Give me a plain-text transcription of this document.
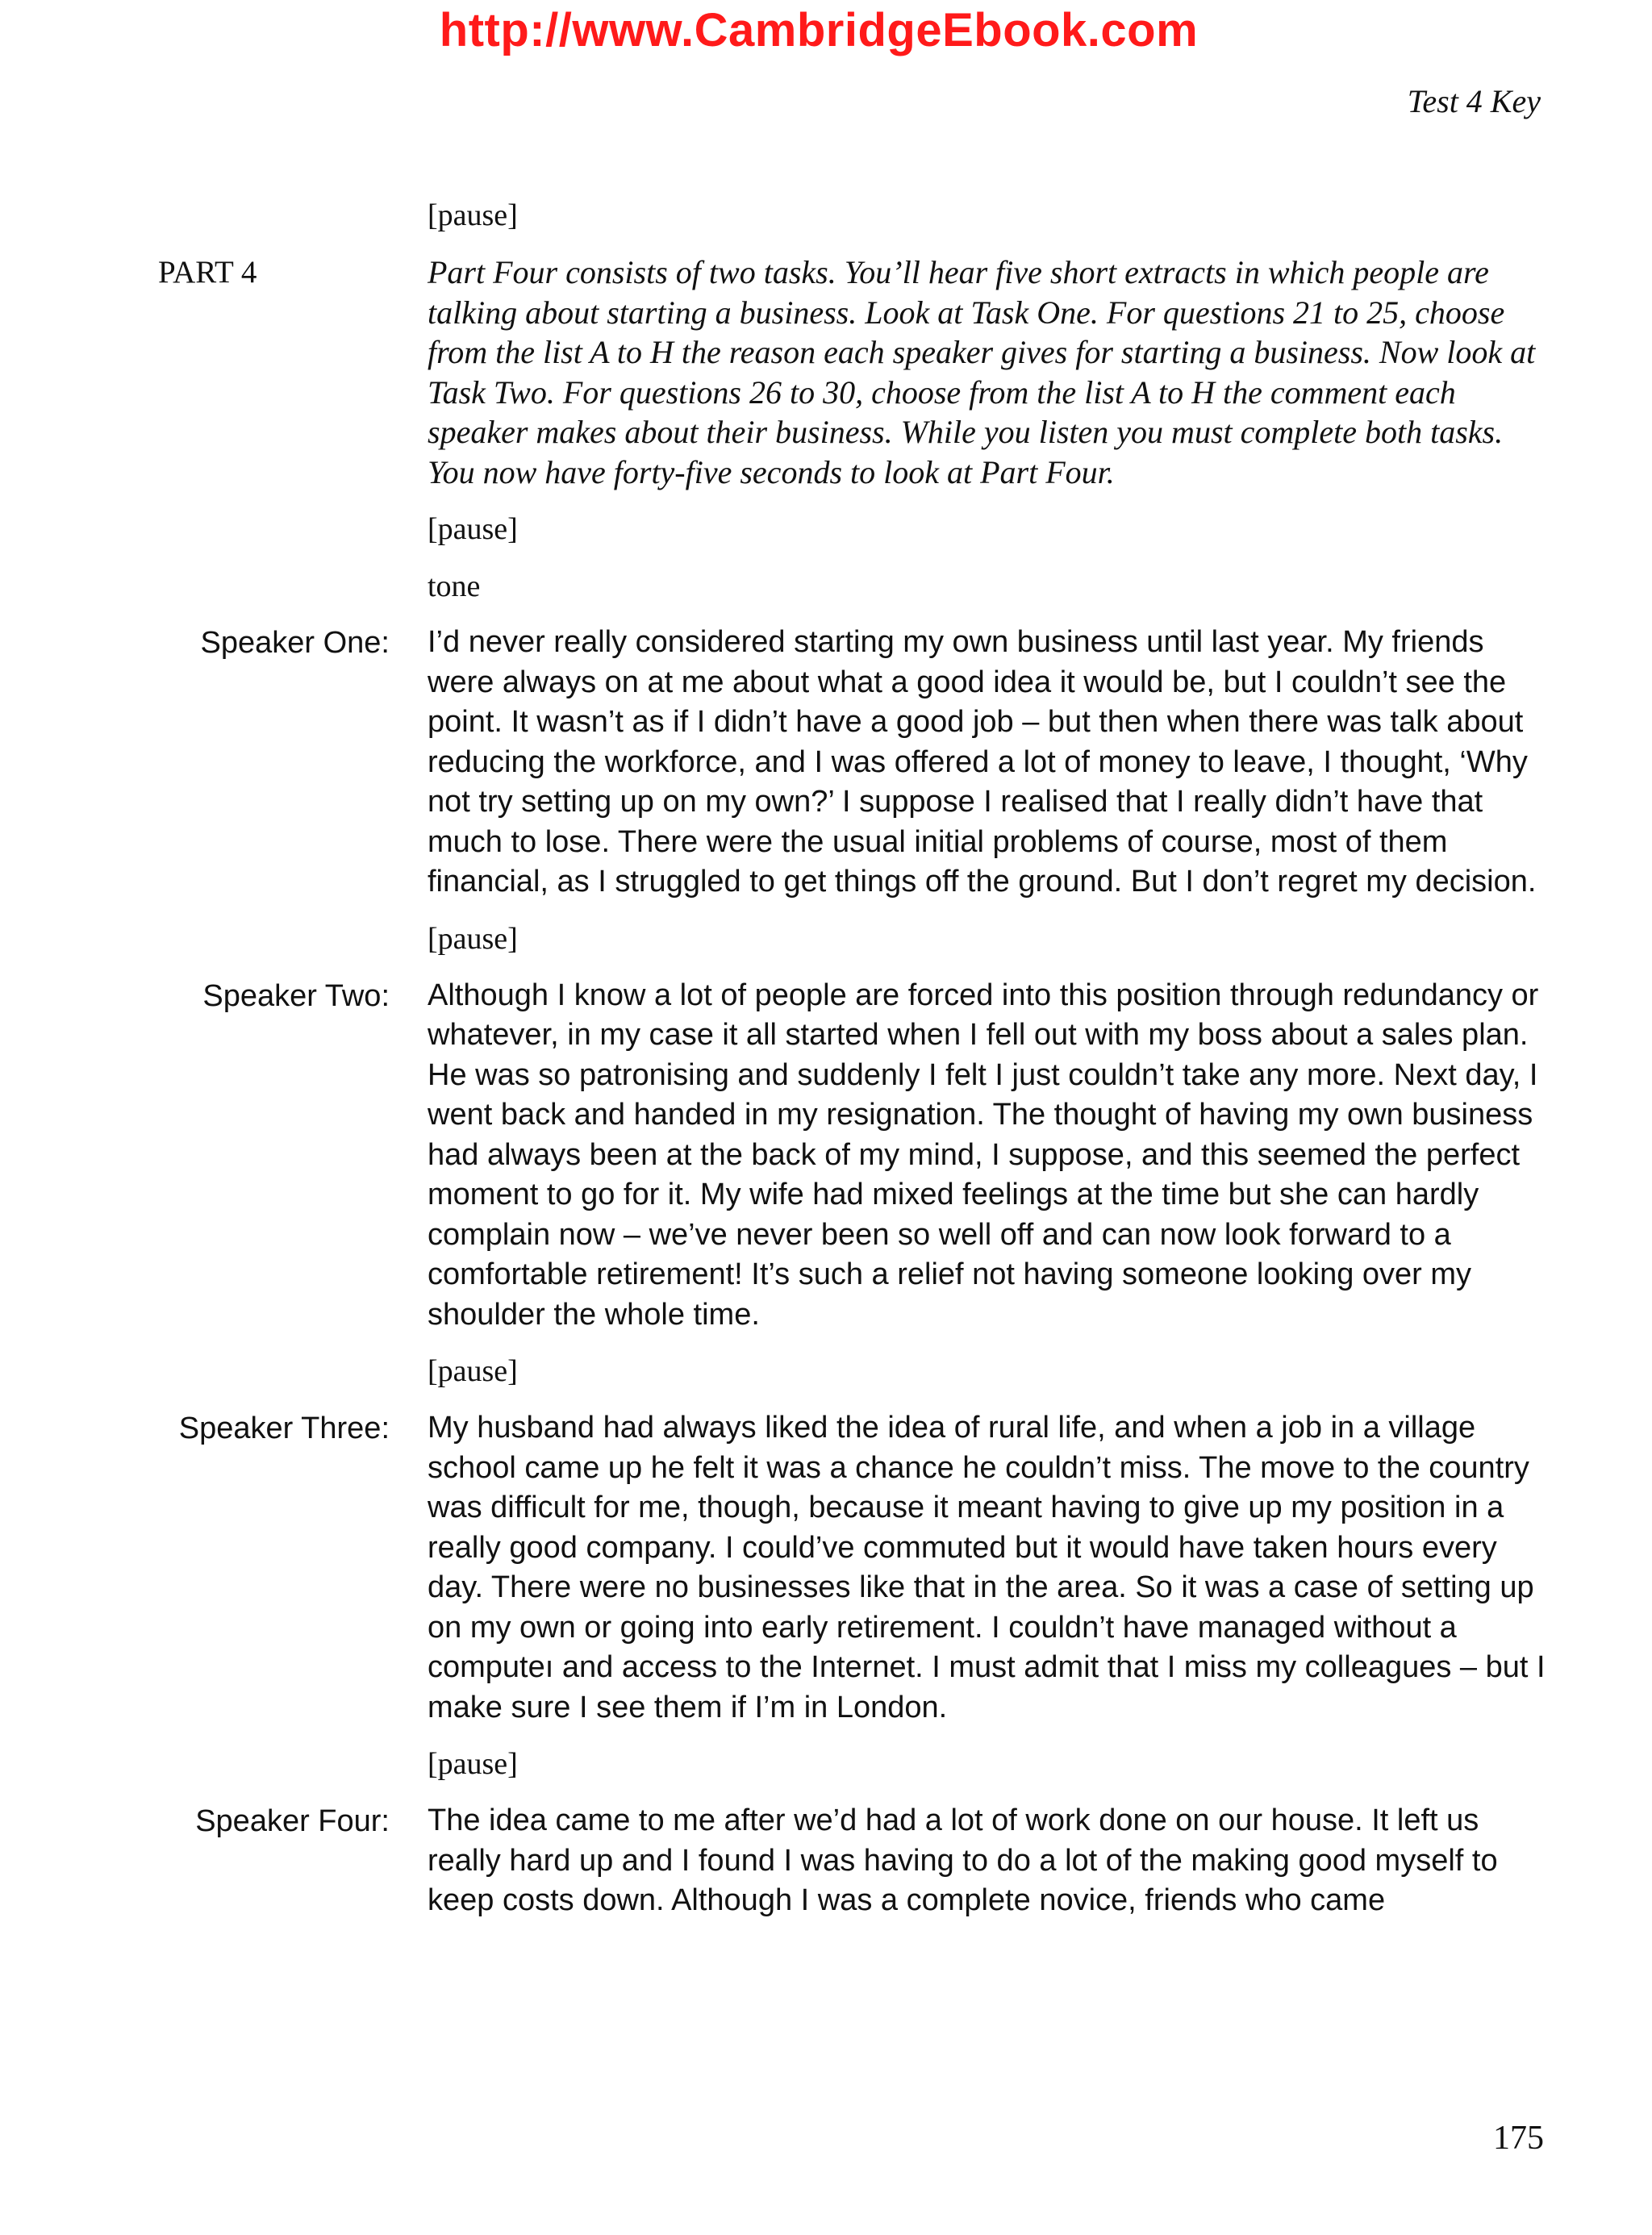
http://www.CambridgeEbook.com
Test 4 Key
[pause]
PART 4	Part Four consists of two tasks. You’ll hear five short extracts in which people are talking about starting a business. Look at Task One. For questions 21 to 25, choose from the list A to H the reason each speaker gives for starting a business. Now look at Task Two. For questions 26 to 30, choose from the list A to H the comment each speaker makes about their business. While you listen you must complete both tasks. You now have forty-five seconds to look at Part Four.
[pause]
tone
Speaker One: I’d never really considered starting my own business until last year. My friends were always on at me about what a good idea it would be, but I couldn’t see the point. It wasn’t as if I didn’t have a good job – but then when there was talk about reducing the workforce, and I was offered a lot of money to leave, I thought, ‘Why not try setting up on my own?’ I suppose I realised that I really didn’t have that much to lose. There were the usual initial problems of course, most of them financial, as I struggled to get things off the ground. But I don’t regret my decision.
[pause]
Speaker Two: Although I know a lot of people are forced into this position through redundancy or whatever, in my case it all started when I fell out with my boss about a sales plan. He was so patronising and suddenly I felt I just couldn’t take any more. Next day, I went back and handed in my resignation. The thought of having my own business had always been at the back of my mind, I suppose, and this seemed the perfect moment to go for it. My wife had mixed feelings at the time but she can hardly complain now – we’ve never been so well off and can now look forward to a comfortable retirement! It’s such a relief not having someone looking over my shoulder the whole time.
[pause]
Speaker Three: My husband had always liked the idea of rural life, and when a job in a village school came up he felt it was a chance he couldn’t miss. The move to the country was difficult for me, though, because it meant having to give up my position in a really good company. I could’ve commuted but it would have taken hours every day. There were no businesses like that in the area. So it was a case of setting up on my own or going into early retirement. I couldn’t have managed without a computeı and access to the Internet. I must admit that I miss my colleagues – but I make sure I see them if I’m in London.
[pause]
Speaker Four: The idea came to me after we’d had a lot of work done on our house. It left us really hard up and I found I was having to do a lot of the making good myself to keep costs down. Although I was a complete novice, friends who came
175
